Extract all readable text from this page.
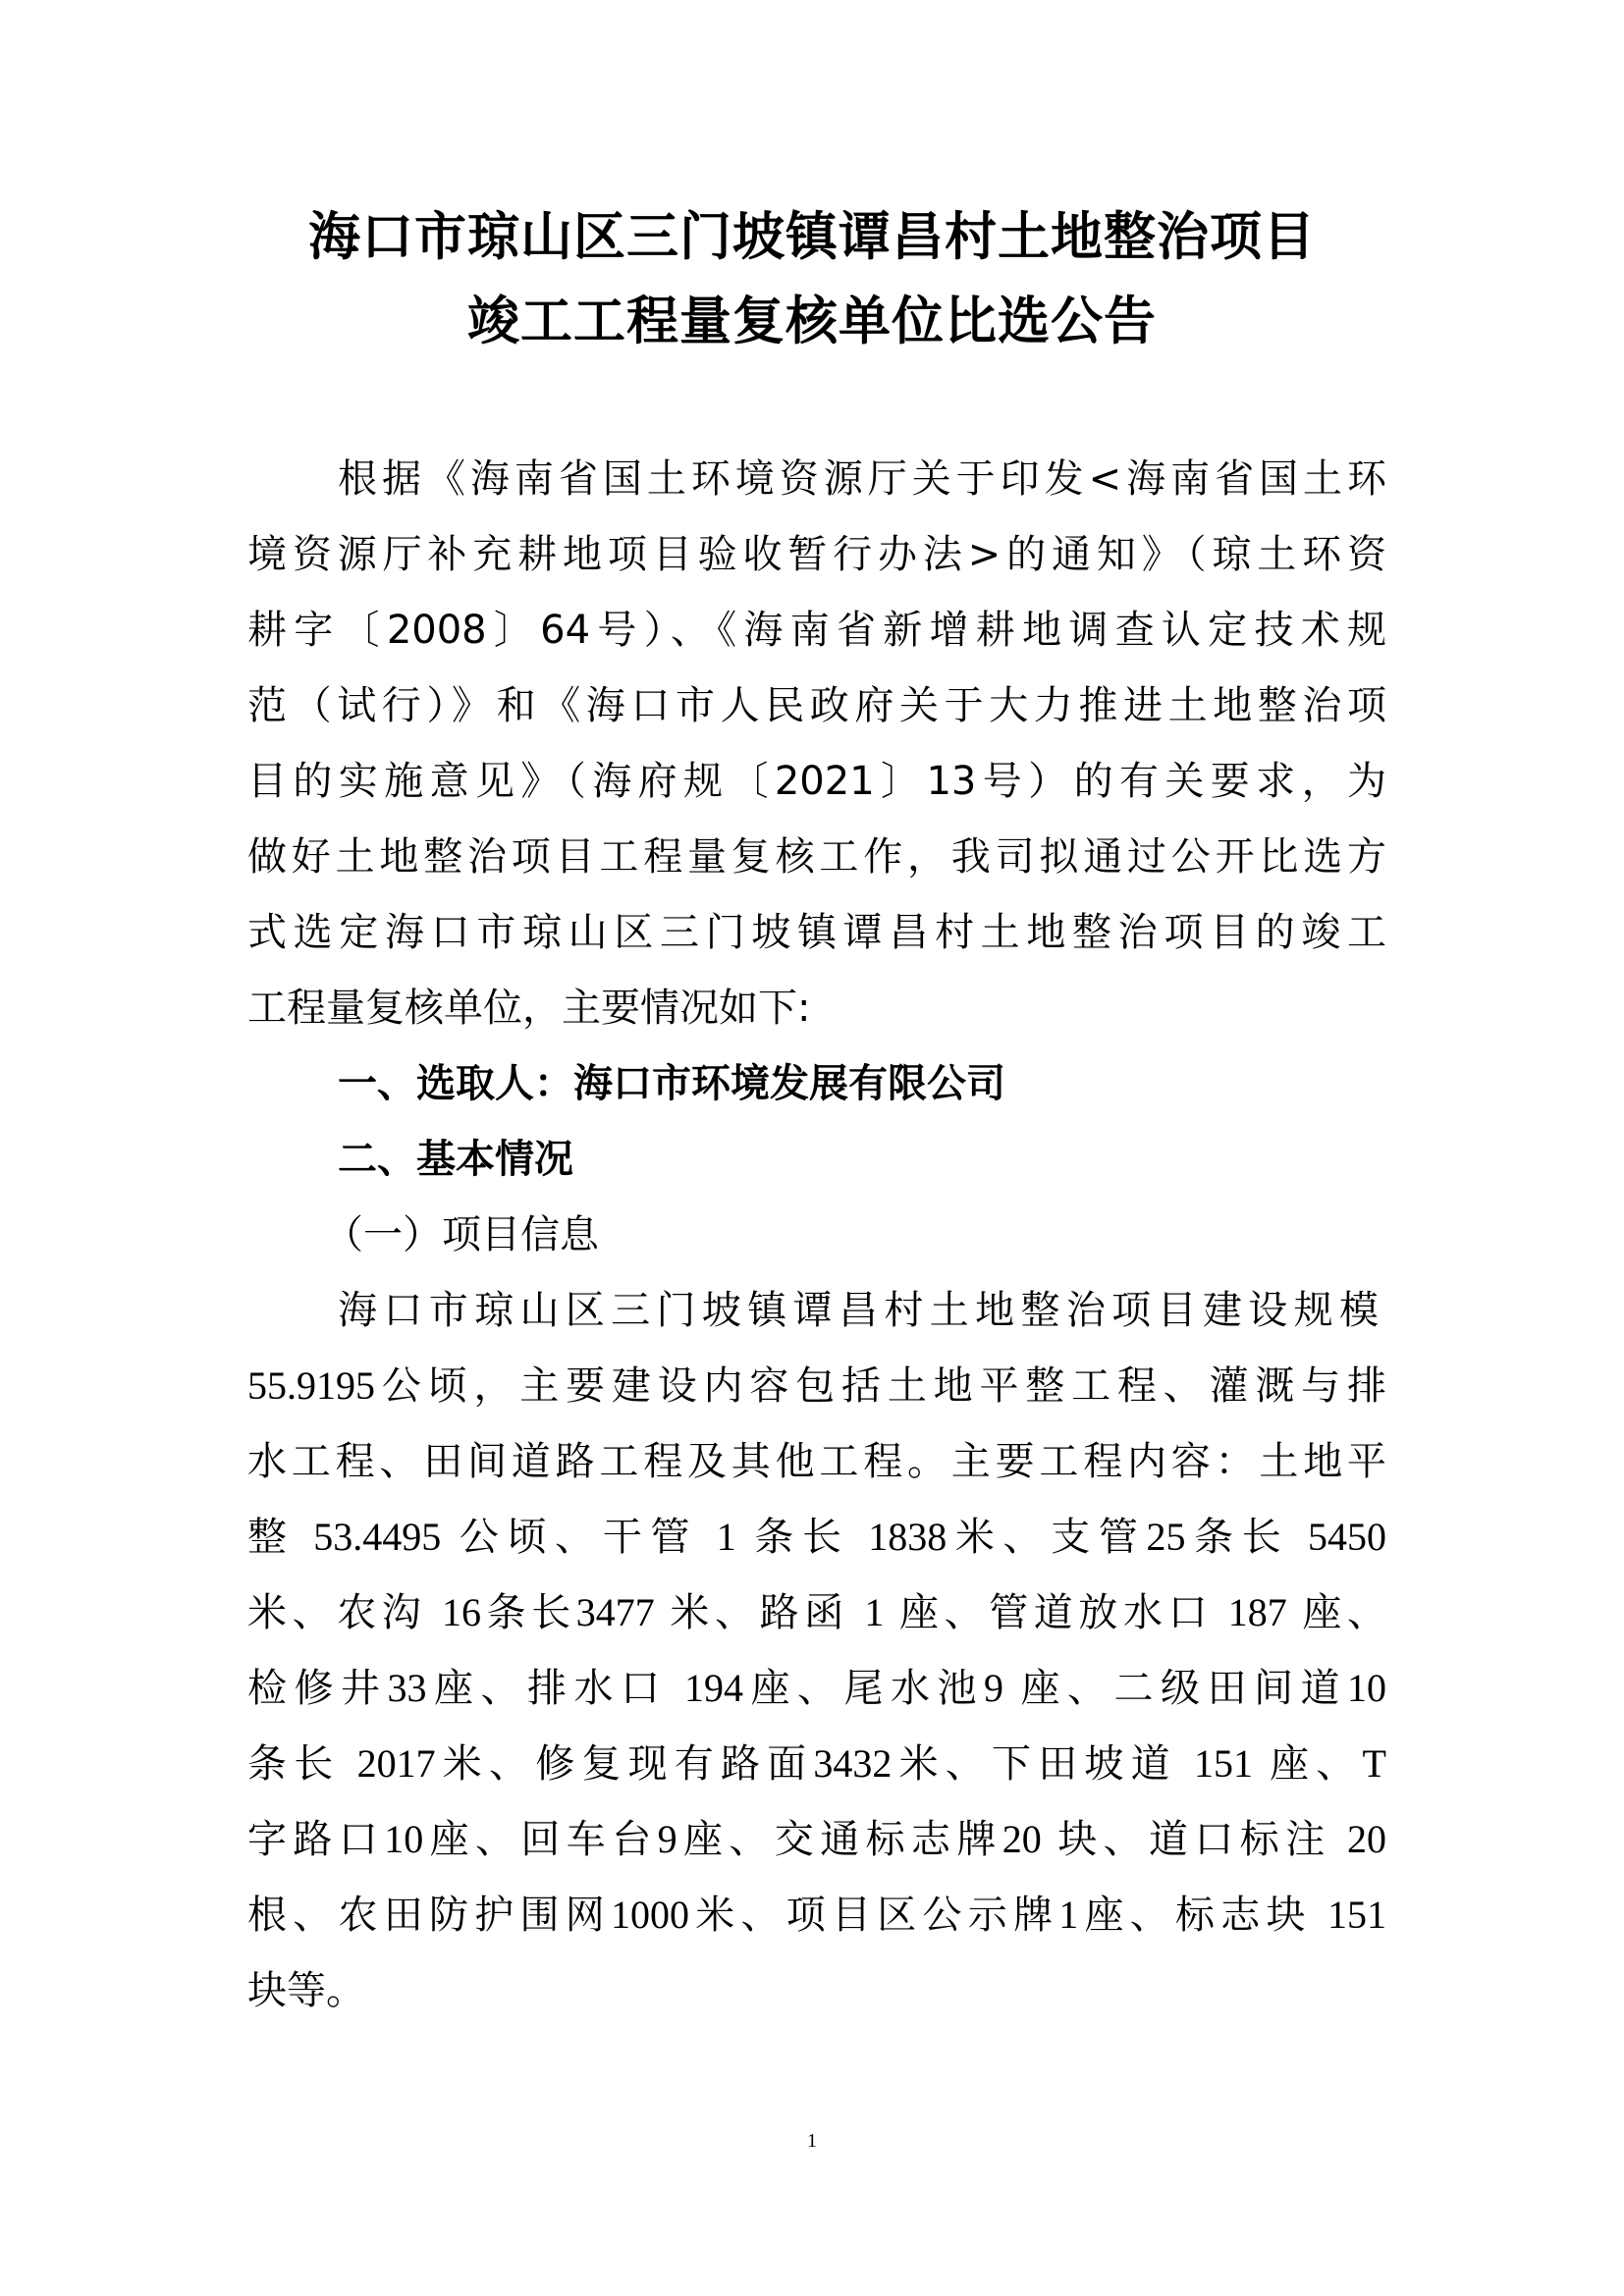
海口市琼山区三门坡镇谭昌村土地整治项目
竣工工程量复核单位比选公告
根据《海南省国土环境资源厅关于印发<海南省国土环
境资源厅补充耕地项目验收暂行办法>的通知》（琼土环资
耕字〔2008〕64号）、《海南省新增耕地调查认定技术规
范（试行）》和《海口市人民政府关于大力推进土地整治项
目的实施意见》（海府规〔2021〕13号）的有关要求，为
做好土地整治项目工程量复核工作，我司拟通过公开比选方
式选定海口市琼山区三门坡镇谭昌村土地整治项目的竣工
工程量复核单位，主要情况如下:
一、选取人：海口市环境发展有限公司
二、基本情况
（一）项目信息
海口市琼山区三门坡镇谭昌村土地整治项目建设规模
55.9195公顷，主要建设内容包括土地平整工程、灌溉与排
水工程、田间道路工程及其他工程。主要工程内容：土地平
整 53.4495 公顷、干管 1 条长 1838米、支管25条长 5450
米、农沟 16条长3477 米、路函 1 座、管道放水口 187 座、
检修井33座、排水口 194座、尾水池9 座、二级田间道10
条长 2017米、修复现有路面3432米、下田坡道 151 座、T
字路口10座、回车台9座、交通标志牌20 块、道口标注 20
根、农田防护围网1000米、项目区公示牌1座、标志块 151
块等。
1
